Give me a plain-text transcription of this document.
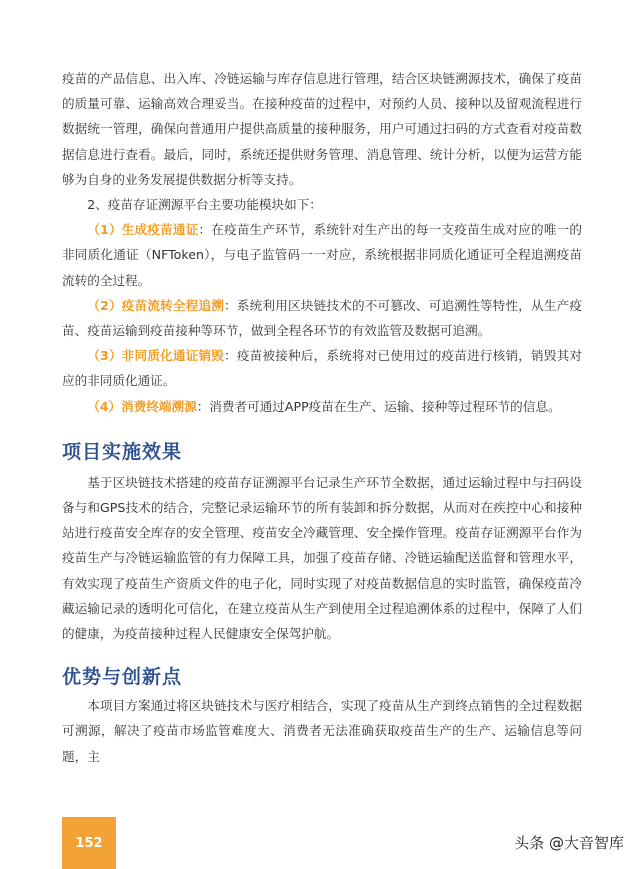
疫苗的产品信息、出入库、冷链运输与库存信息进行管理，结合区块链溯源技术，确保了疫苗的质量可靠、运输高效合理妥当。在接种疫苗的过程中，对预约人员、接种以及留观流程进行数据统一管理，确保向普通用户提供高质量的接种服务，用户可通过扫码的方式查看对疫苗数据信息进行查看。最后，同时，系统还提供财务管理、消息管理、统计分析，以便为运营方能够为自身的业务发展提供数据分析等支持。

2、疫苗存证溯源平台主要功能模块如下：

（1）生成疫苗通证：在疫苗生产环节，系统针对生产出的每一支疫苗生成对应的唯一的非同质化通证（NFToken），与电子监管码一一对应，系统根据非同质化通证可全程追溯疫苗流转的全过程。

（2）疫苗流转全程追溯：系统利用区块链技术的不可篡改、可追溯性等特性，从生产疫苗、疫苗运输到疫苗接种等环节，做到全程各环节的有效监管及数据可追溯。

（3）非同质化通证销毁：疫苗被接种后，系统将对已使用过的疫苗进行核销，销毁其对应的非同质化通证。

（4）消费终端溯源：消费者可通过APP疫苗在生产、运输、接种等过程环节的信息。

项目实施效果

基于区块链技术搭建的疫苗存证溯源平台记录生产环节全数据，通过运输过程中与扫码设备与和GPS技术的结合，完整记录运输环节的所有装卸和拆分数据，从而对在疾控中心和接种站进行疫苗安全库存的安全管理、疫苗安全冷藏管理、安全操作管理。疫苗存证溯源平台作为疫苗生产与冷链运输监管的有力保障工具，加强了疫苗存储、冷链运输配送监督和管理水平，有效实现了疫苗生产资质文件的电子化，同时实现了对疫苗数据信息的实时监管，确保疫苗冷藏运输记录的透明化可信化，在建立疫苗从生产到使用全过程追溯体系的过程中，保障了人们的健康，为疫苗接种过程人民健康安全保驾护航。

优势与创新点

本项目方案通过将区块链技术与医疗相结合，实现了疫苗从生产到终点销售的全过程数据可溯源，解决了疫苗市场监管难度大、消费者无法准确获取疫苗生产的生产、运输信息等问题，主

152	头条 @大音智库
